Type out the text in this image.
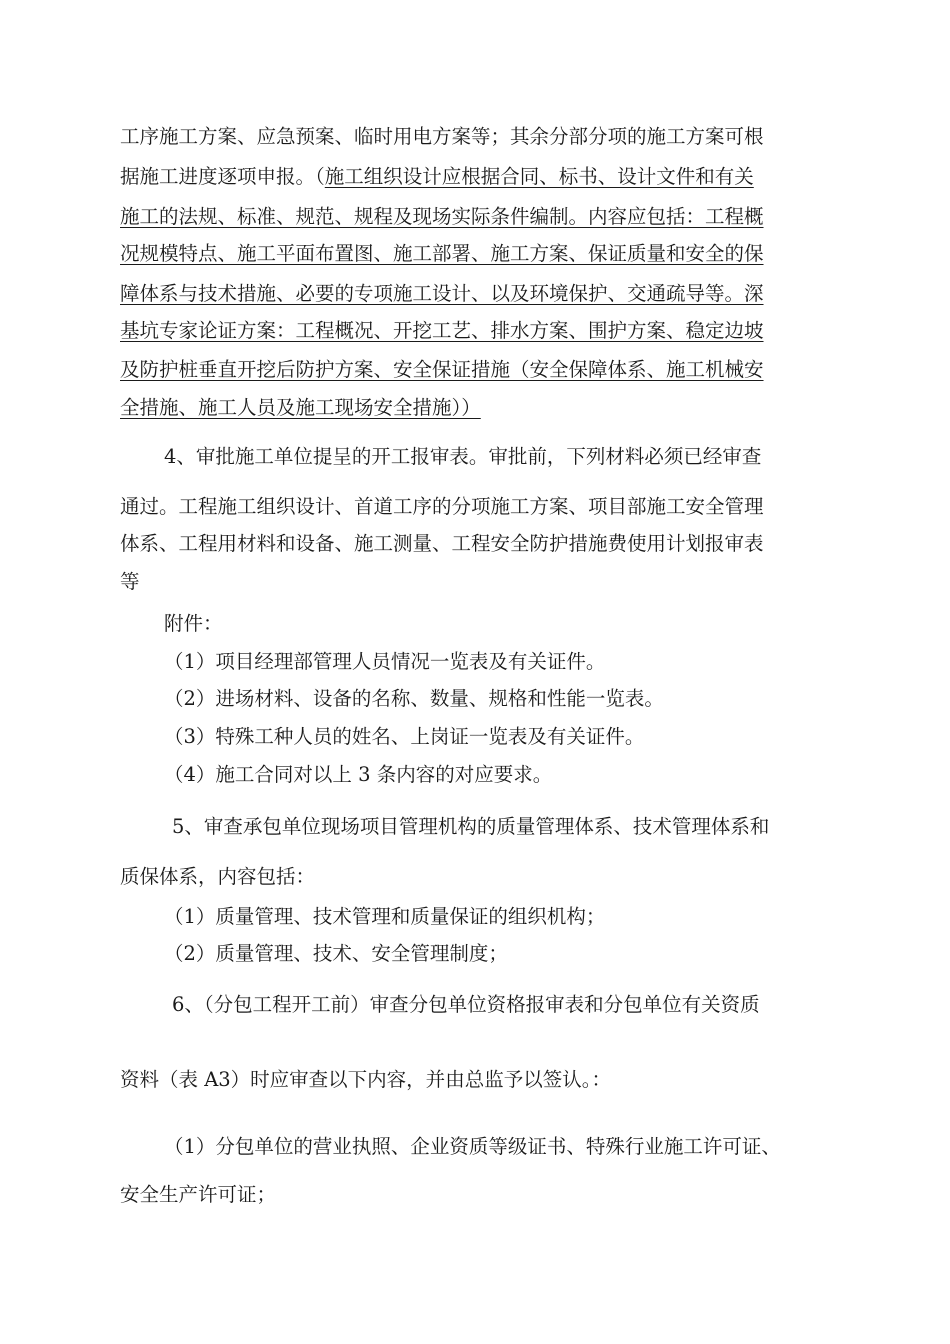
工序施工方案、应急预案、临时用电方案等；其余分部分项的施工方案可根
据施工进度逐项申报。（施工组织设计应根据合同、标书、设计文件和有关
施工的法规、标准、规范、规程及现场实际条件编制。内容应包括：工程概
况规模特点、施工平面布置图、施工部署、施工方案、保证质量和安全的保
障体系与技术措施、必要的专项施工设计、以及环境保护、交通疏导等。深
基坑专家论证方案：工程概况、开挖工艺、排水方案、围护方案、稳定边坡
及防护桩垂直开挖后防护方案、安全保证措施（安全保障体系、施工机械安
全措施、施工人员及施工现场安全措施））
4、审批施工单位提呈的开工报审表。审批前，下列材料必须已经审查
通过。工程施工组织设计、首道工序的分项施工方案、项目部施工安全管理
体系、工程用材料和设备、施工测量、工程安全防护措施费使用计划报审表
等
附件：
（1）项目经理部管理人员情况一览表及有关证件。
（2）进场材料、设备的名称、数量、规格和性能一览表。
（3）特殊工种人员的姓名、上岗证一览表及有关证件。
（4）施工合同对以上 3 条内容的对应要求。
5、审查承包单位现场项目管理机构的质量管理体系、技术管理体系和
质保体系，内容包括：
（1）质量管理、技术管理和质量保证的组织机构；
（2）质量管理、技术、安全管理制度；
6、（分包工程开工前）审查分包单位资格报审表和分包单位有关资质
资料（表 A3）时应审查以下内容，并由总监予以签认。：
（1）分包单位的营业执照、企业资质等级证书、特殊行业施工许可证、
安全生产许可证；
